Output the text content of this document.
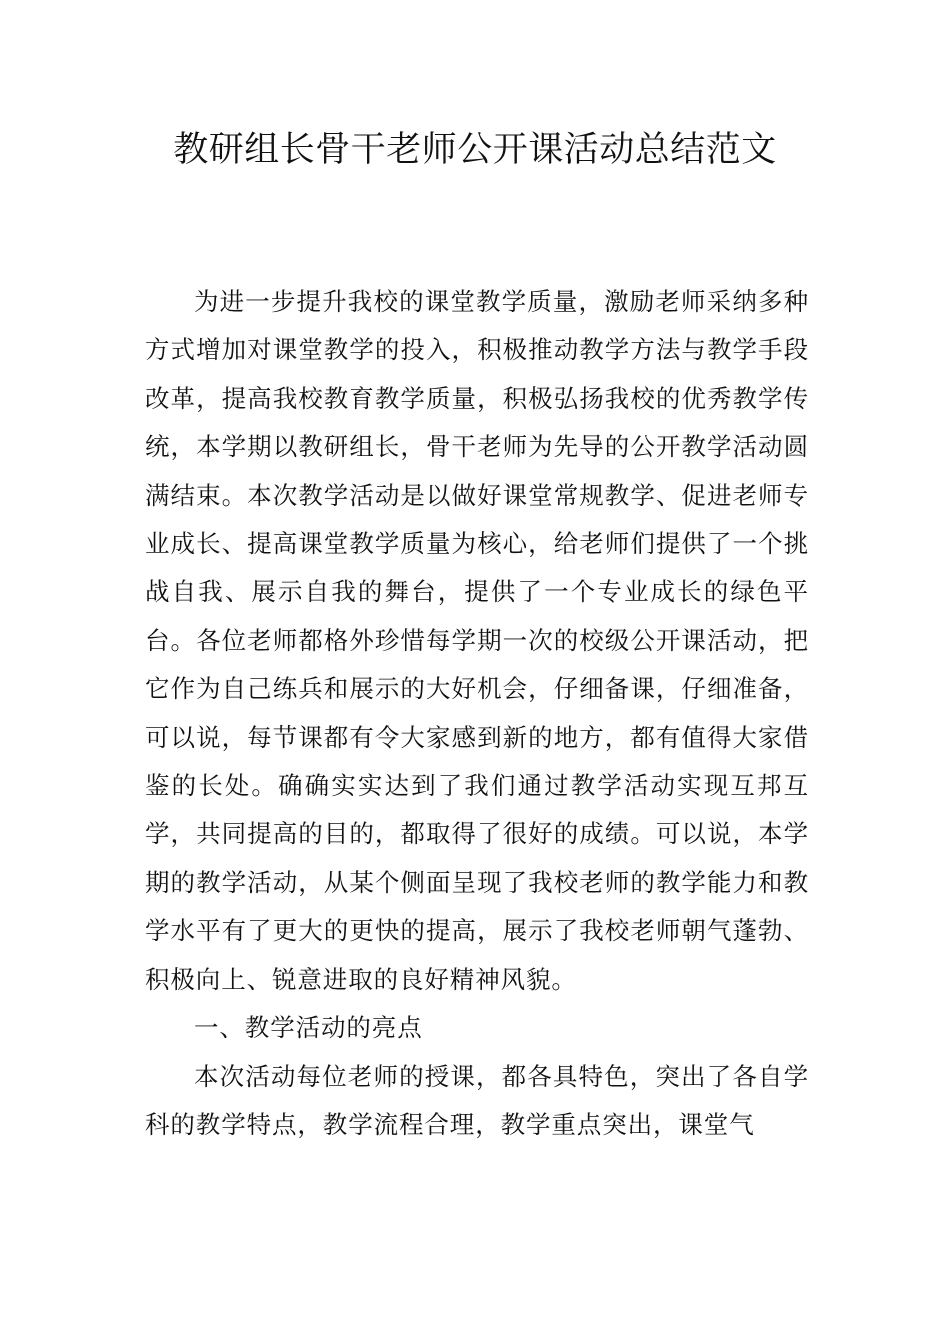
教研组长骨干老师公开课活动总结范文

为进一步提升我校的课堂教学质量，激励老师采纳多种方式增加对课堂教学的投入，积极推动教学方法与教学手段改革，提高我校教育教学质量，积极弘扬我校的优秀教学传统，本学期以教研组长，骨干老师为先导的公开教学活动圆满结束。本次教学活动是以做好课堂常规教学、促进老师专业成长、提高课堂教学质量为核心，给老师们提供了一个挑战自我、展示自我的舞台，提供了一个专业成长的绿色平台。各位老师都格外珍惜每学期一次的校级公开课活动，把它作为自己练兵和展示的大好机会，仔细备课，仔细准备，可以说，每节课都有令大家感到新的地方，都有值得大家借鉴的长处。确确实实达到了我们通过教学活动实现互邦互学，共同提高的目的，都取得了很好的成绩。可以说，本学期的教学活动，从某个侧面呈现了我校老师的教学能力和教学水平有了更大的更快的提高，展示了我校老师朝气蓬勃、积极向上、锐意进取的良好精神风貌。

一、教学活动的亮点

本次活动每位老师的授课，都各具特色，突出了各自学科的教学特点，教学流程合理，教学重点突出，课堂气
